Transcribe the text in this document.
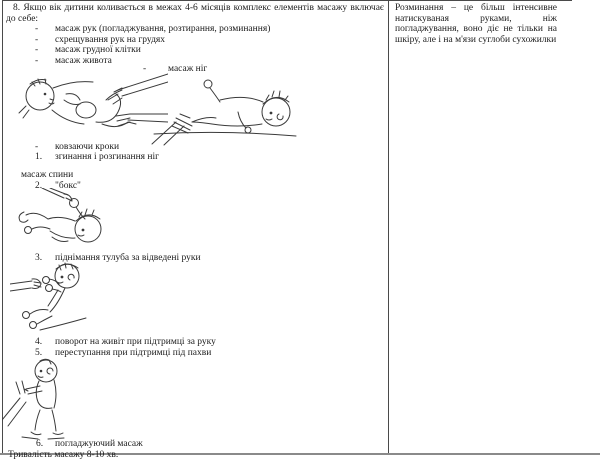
8. Якщо вік дитини коливається в межах 4-6 місяців комплекс елементів масажу включає до себе:
- масаж рук (погладжування, розтирання, розминання)
- схрещування рук на грудях
- масаж грудної клітки
- масаж живота
- масаж ніг
- ковзаючи кроки
1. згинання і розгинання ніг
масаж спини
2. "бокс"
3. піднімання тулуба за відведені руки
4. поворот на живіт при підтримці за руку
5. переступання при підтримці під пахви
6. погладжуючий масаж
Тривалість масажу 8-10 хв.
Розминання – це більш інтенсивне натискуваная руками, ніж погладжування, воно діє не тільки на шкіру, але і на м'язи суглоби сухожилки
